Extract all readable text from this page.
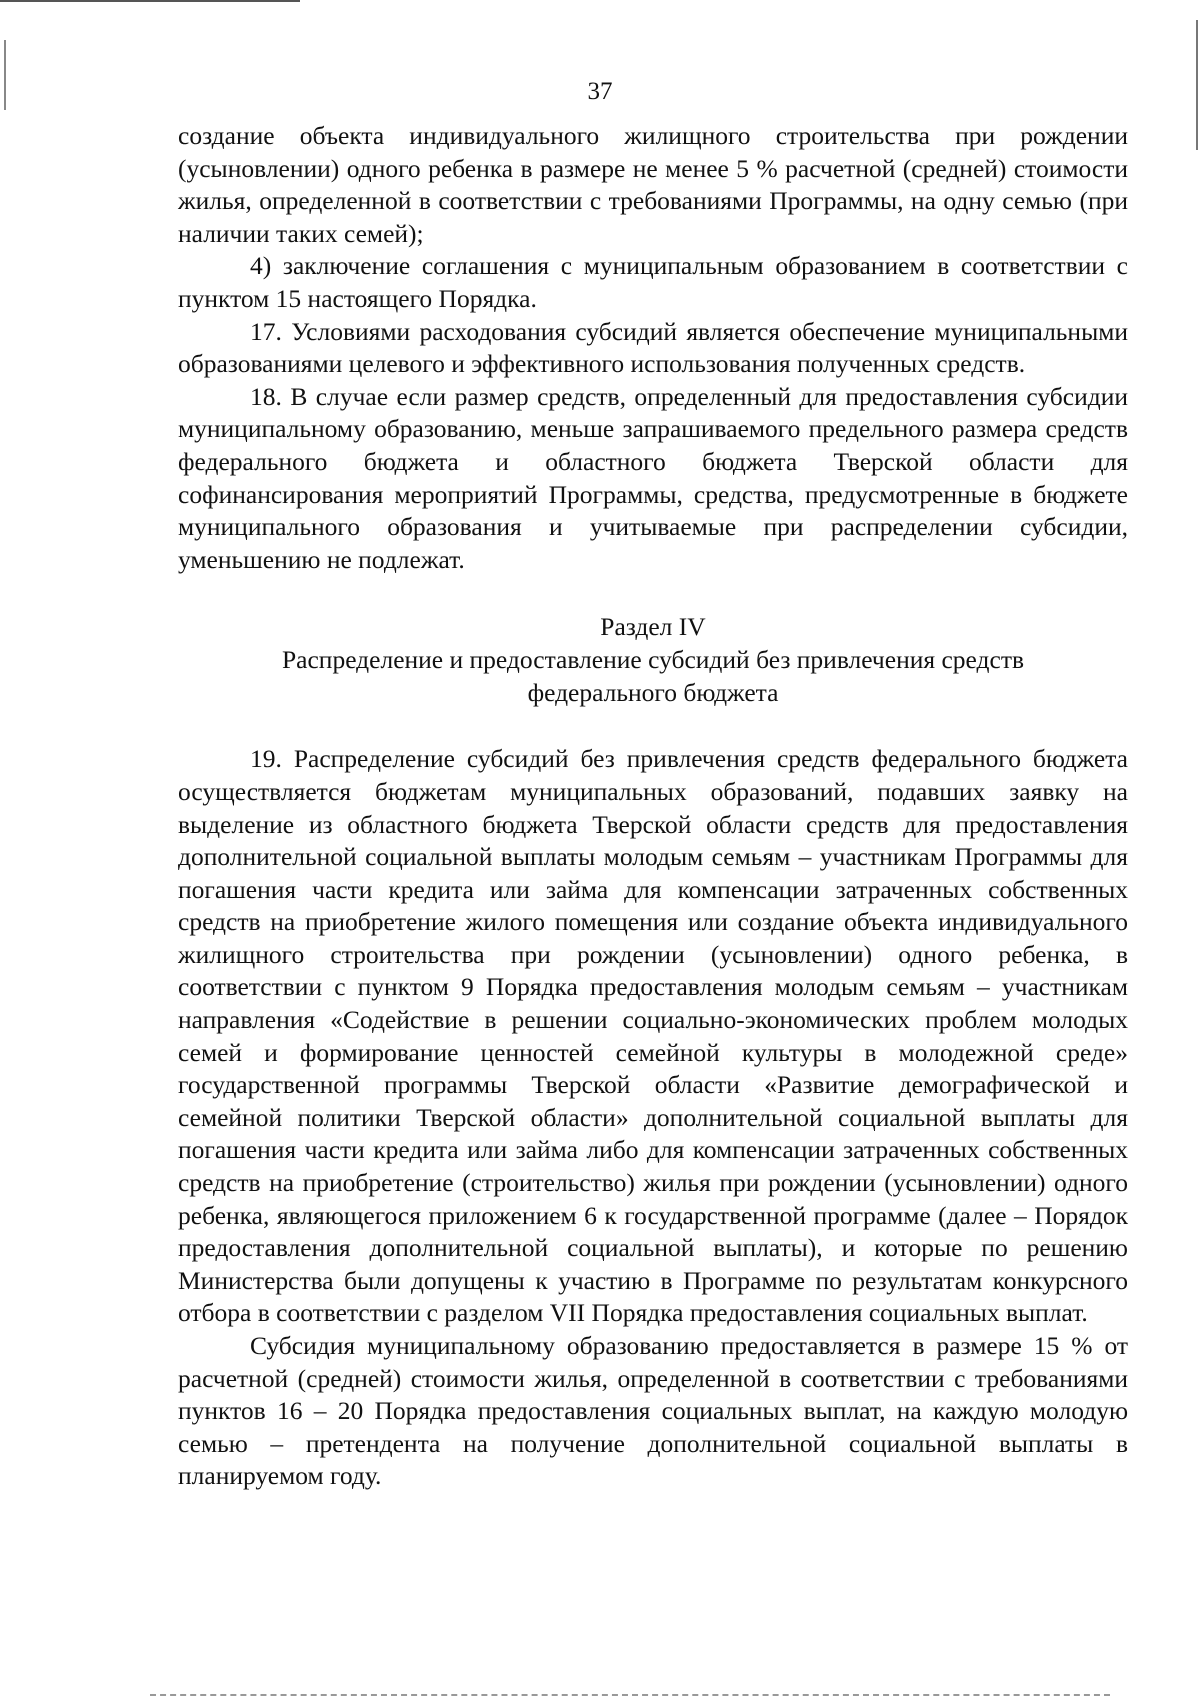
37

создание объекта индивидуального жилищного строительства при рождении (усыновлении) одного ребенка в размере не менее 5 % расчетной (средней) стоимости жилья, определенной в соответствии с требованиями Программы, на одну семью (при наличии таких семей);

4) заключение соглашения с муниципальным образованием в соответствии с пунктом 15 настоящего Порядка.

17. Условиями расходования субсидий является обеспечение муниципальными образованиями целевого и эффективного использования полученных средств.

18. В случае если размер средств, определенный для предоставления субсидии муниципальному образованию, меньше запрашиваемого предельного размера средств федерального бюджета и областного бюджета Тверской области для софинансирования мероприятий Программы, средства, предусмотренные в бюджете муниципального образования и учитываемые при распределении субсидии, уменьшению не подлежат.

Раздел IV
Распределение и предоставление субсидий без привлечения средств федерального бюджета

19. Распределение субсидий без привлечения средств федерального бюджета осуществляется бюджетам муниципальных образований, подавших заявку на выделение из областного бюджета Тверской области средств для предоставления дополнительной социальной выплаты молодым семьям – участникам Программы для погашения части кредита или займа для компенсации затраченных собственных средств на приобретение жилого помещения или создание объекта индивидуального жилищного строительства при рождении (усыновлении) одного ребенка, в соответствии с пунктом 9 Порядка предоставления молодым семьям – участникам направления «Содействие в решении социально-экономических проблем молодых семей и формирование ценностей семейной культуры в молодежной среде» государственной программы Тверской области «Развитие демографической и семейной политики Тверской области» дополнительной социальной выплаты для погашения части кредита или займа либо для компенсации затраченных собственных средств на приобретение (строительство) жилья при рождении (усыновлении) одного ребенка, являющегося приложением 6 к государственной программе (далее – Порядок предоставления дополнительной социальной выплаты), и которые по решению Министерства были допущены к участию в Программе по результатам конкурсного отбора в соответствии с разделом VII Порядка предоставления социальных выплат.

Субсидия муниципальному образованию предоставляется в размере 15 % от расчетной (средней) стоимости жилья, определенной в соответствии с требованиями пунктов 16 – 20 Порядка предоставления социальных выплат, на каждую молодую семью – претендента на получение дополнительной социальной выплаты в планируемом году.
